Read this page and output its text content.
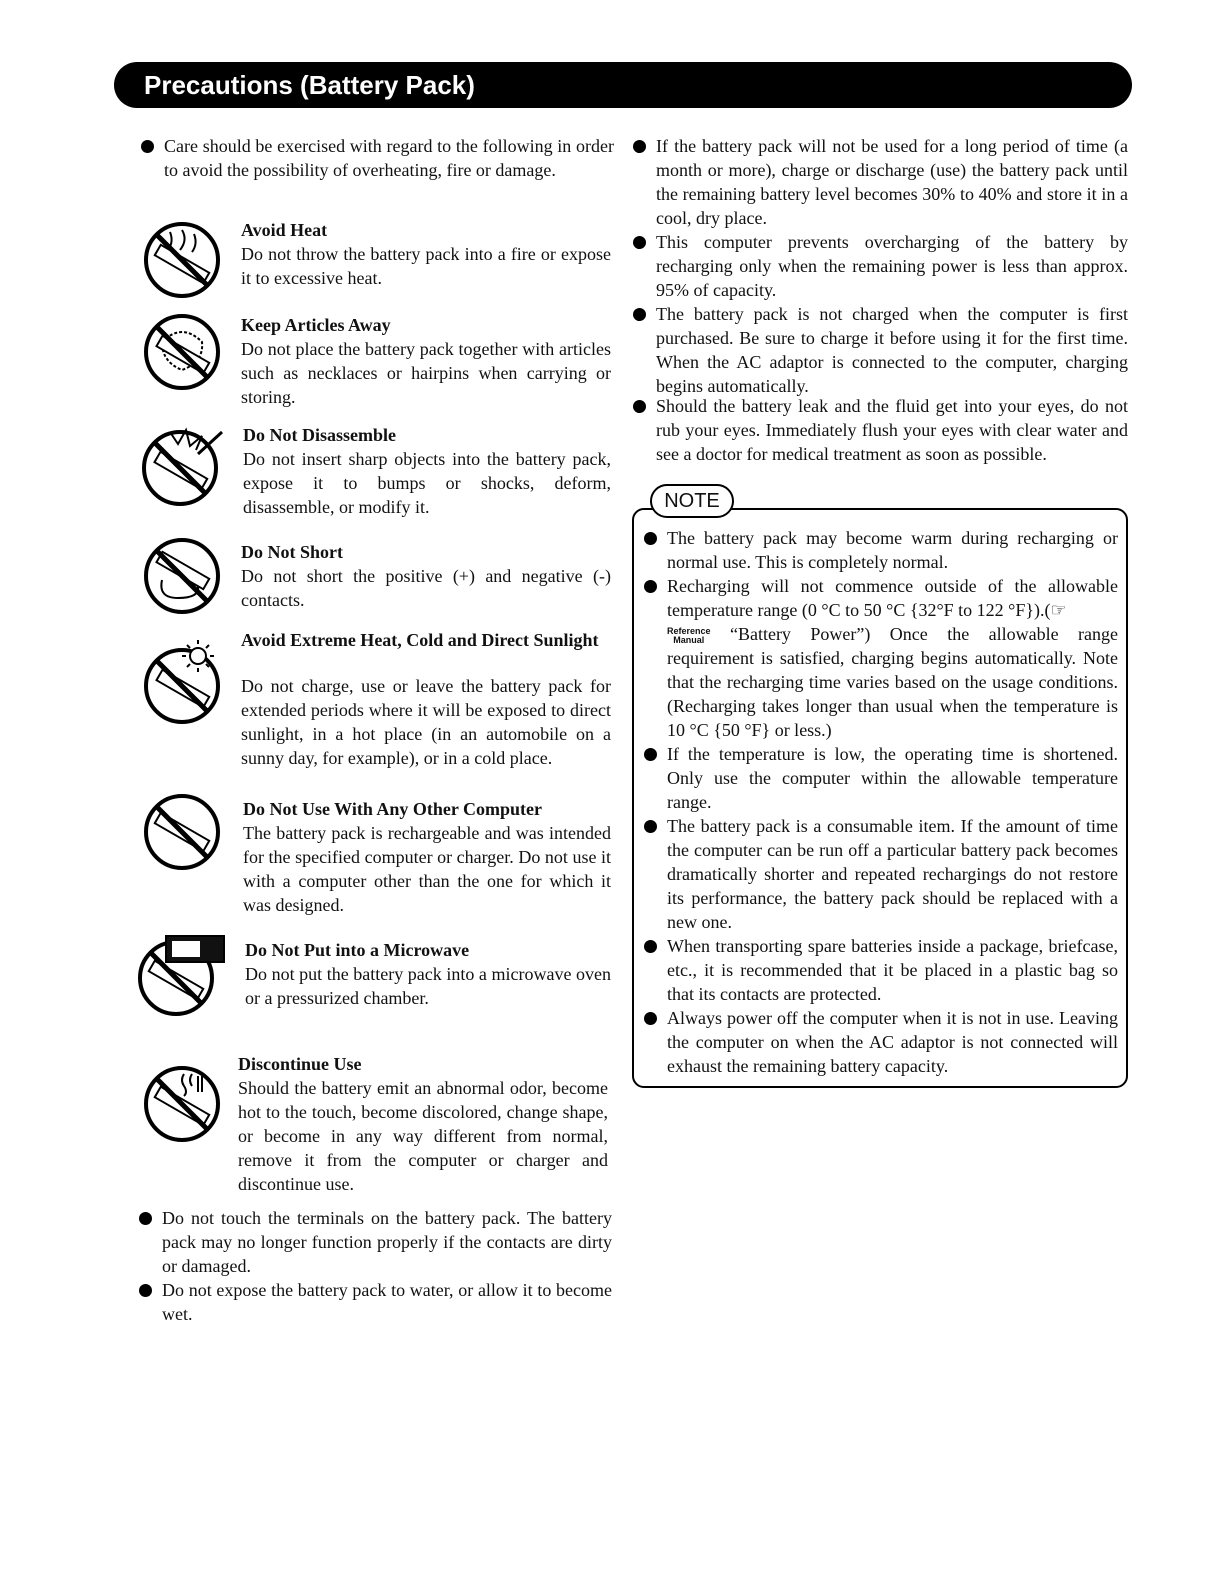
Precautions (Battery Pack)
Care should be exercised with regard to the following in order to avoid the possibility of overheating, fire or damage.
Avoid Heat
Do not throw the battery pack into a fire or expose it to excessive heat.
Keep Articles Away
Do not place the battery pack together with articles such as necklaces or hairpins when carrying or storing.
Do Not Disassemble
Do not insert sharp objects into the battery pack, expose it to bumps or shocks, deform, disassemble, or modify it.
Do Not Short
Do not short the positive (+) and negative (-) contacts.
Avoid Extreme Heat, Cold and Direct Sunlight
Do not charge, use or leave the battery pack for extended periods where it will be exposed to direct sunlight, in a hot place (in an automobile on a sunny day, for example), or in a cold place.
Do Not Use With Any Other Computer
The battery pack is rechargeable and was intended for the specified computer or charger. Do not use it with a computer other than the one for which it was designed.
Do Not Put into a Microwave
Do not put the battery pack into a microwave oven or a pressurized chamber.
Discontinue Use
Should the battery emit an abnormal odor, become hot to the touch, become discolored, change shape, or become in any way different from normal, remove it from the computer or charger and discontinue use.
Do not touch the terminals on the battery pack. The battery pack may no longer function properly if the contacts are dirty or damaged.
Do not expose the battery pack to water, or allow it to become wet.
If the battery pack will not be used for a long period of time (a month or more), charge or discharge (use) the battery pack until the remaining battery level becomes 30% to 40% and store it in a cool, dry place.
This computer prevents overcharging of the battery by recharging only when the remaining power is less than approx. 95% of capacity.
The battery pack is not charged when the computer is first purchased. Be sure to charge it before using it for the first time. When the AC adaptor is connected to the computer, charging begins automatically.
Should the battery leak and the fluid get into your eyes, do not rub your eyes. Immediately flush your eyes with clear water and see a doctor for medical treatment as soon as possible.
NOTE
The battery pack may become warm during recharging or normal use. This is completely normal.
Recharging will not commence outside of the allowable temperature range (0 °C to 50 °C {32°F to 122 °F}).(☞
Reference
Manual “Battery Power”) Once the allowable range requirement is satisfied, charging begins automatically. Note that the recharging time varies based on the usage conditions. (Recharging takes longer than usual when the temperature is 10 °C {50 °F} or less.)
If the temperature is low, the operating time is shortened. Only use the computer within the allowable temperature range.
The battery pack is a consumable item. If the amount of time the computer can be run off a particular battery pack becomes dramatically shorter and repeated rechargings do not restore its performance, the battery pack should be replaced with a new one.
When transporting spare batteries inside a package, briefcase, etc., it is recommended that it be placed in a plastic bag so that its contacts are protected.
Always power off the computer when it is not in use. Leaving the computer on when the AC adaptor is not connected will exhaust the remaining battery capacity.
